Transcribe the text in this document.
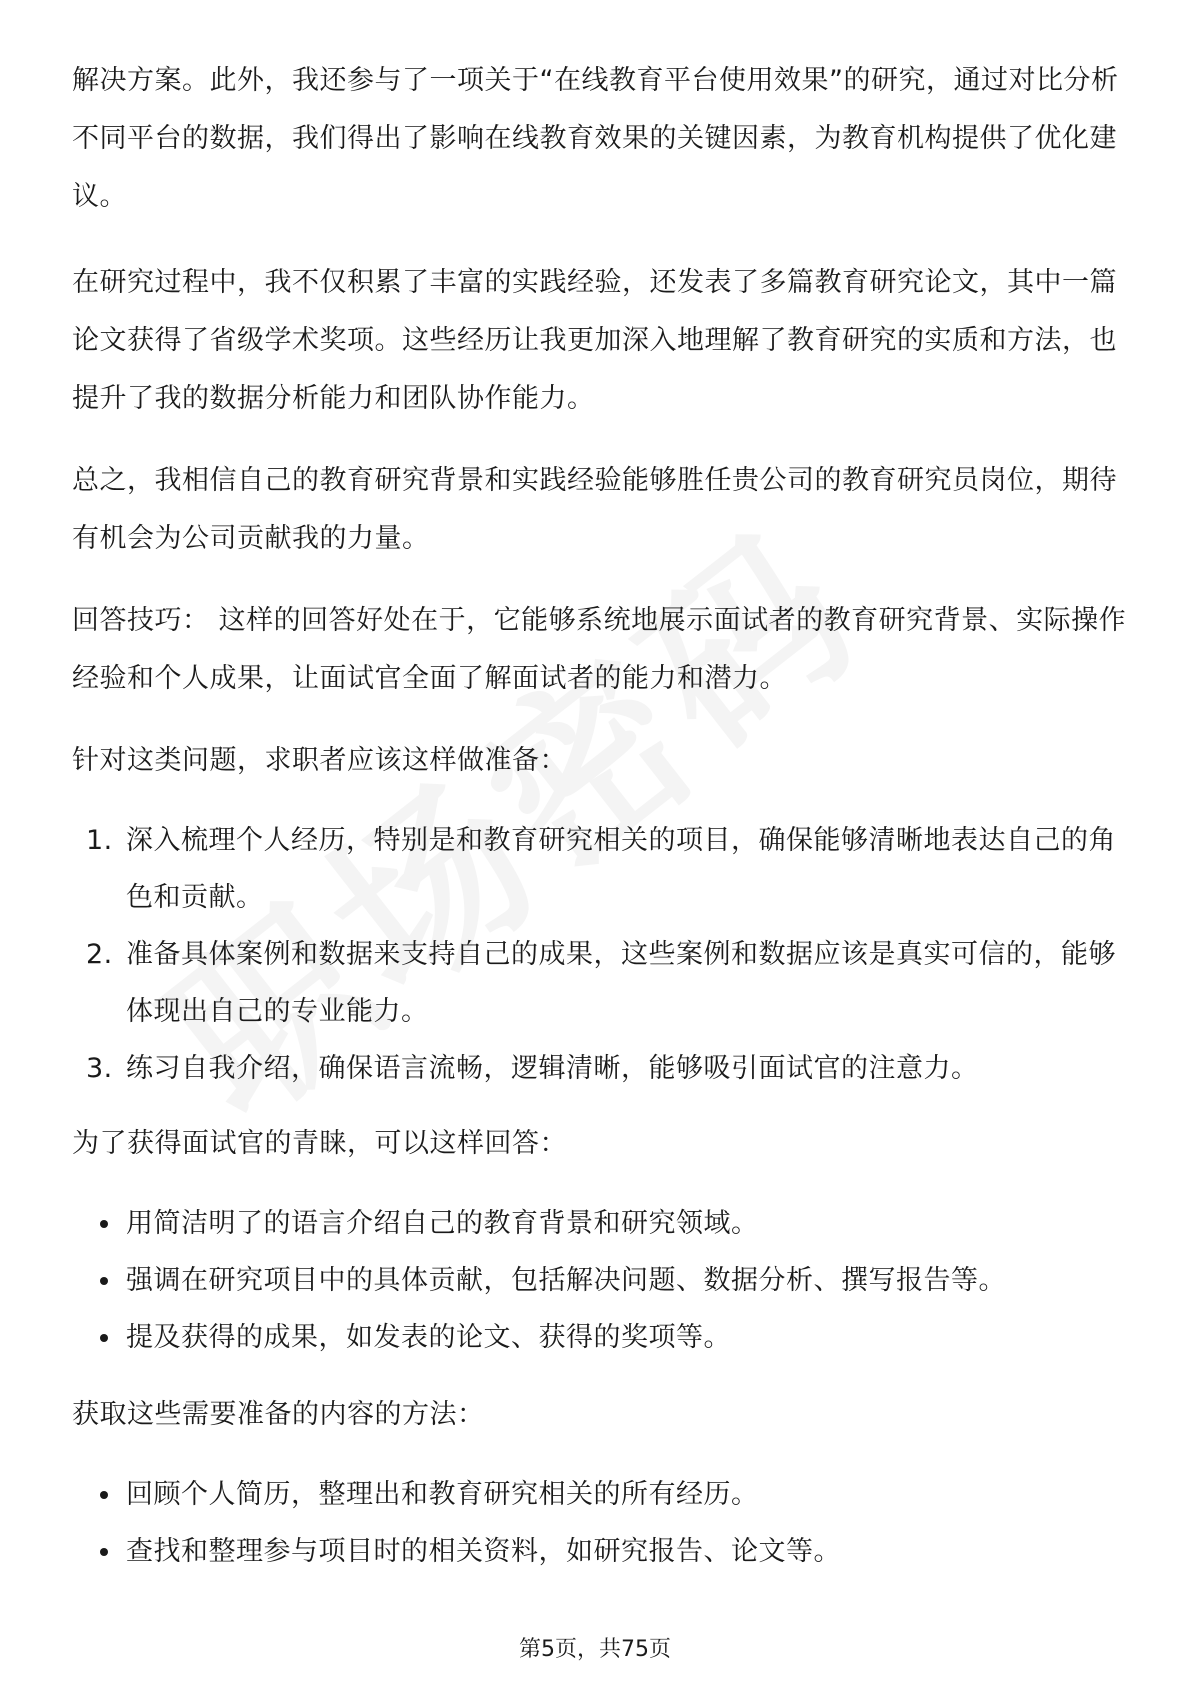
解决方案。此外，我还参与了一项关于“在线教育平台使用效果”的研究，通过对比分析不同平台的数据，我们得出了影响在线教育效果的关键因素，为教育机构提供了优化建议。

在研究过程中，我不仅积累了丰富的实践经验，还发表了多篇教育研究论文，其中一篇论文获得了省级学术奖项。这些经历让我更加深入地理解了教育研究的实质和方法，也提升了我的数据分析能力和团队协作能力。

总之，我相信自己的教育研究背景和实践经验能够胜任贵公司的教育研究员岗位，期待有机会为公司贡献我的力量。

回答技巧： 这样的回答好处在于，它能够系统地展示面试者的教育研究背景、实际操作经验和个人成果，让面试官全面了解面试者的能力和潜力。

针对这类问题，求职者应该这样做准备：

1. 深入梳理个人经历，特别是和教育研究相关的项目，确保能够清晰地表达自己的角色和贡献。
2. 准备具体案例和数据来支持自己的成果，这些案例和数据应该是真实可信的，能够体现出自己的专业能力。
3. 练习自我介绍，确保语言流畅，逻辑清晰，能够吸引面试官的注意力。

为了获得面试官的青睐，可以这样回答：

用简洁明了的语言介绍自己的教育背景和研究领域。
强调在研究项目中的具体贡献，包括解决问题、数据分析、撰写报告等。
提及获得的成果，如发表的论文、获得的奖项等。

获取这些需要准备的内容的方法：

回顾个人简历，整理出和教育研究相关的所有经历。
查找和整理参与项目时的相关资料，如研究报告、论文等。
第5页，共75页
